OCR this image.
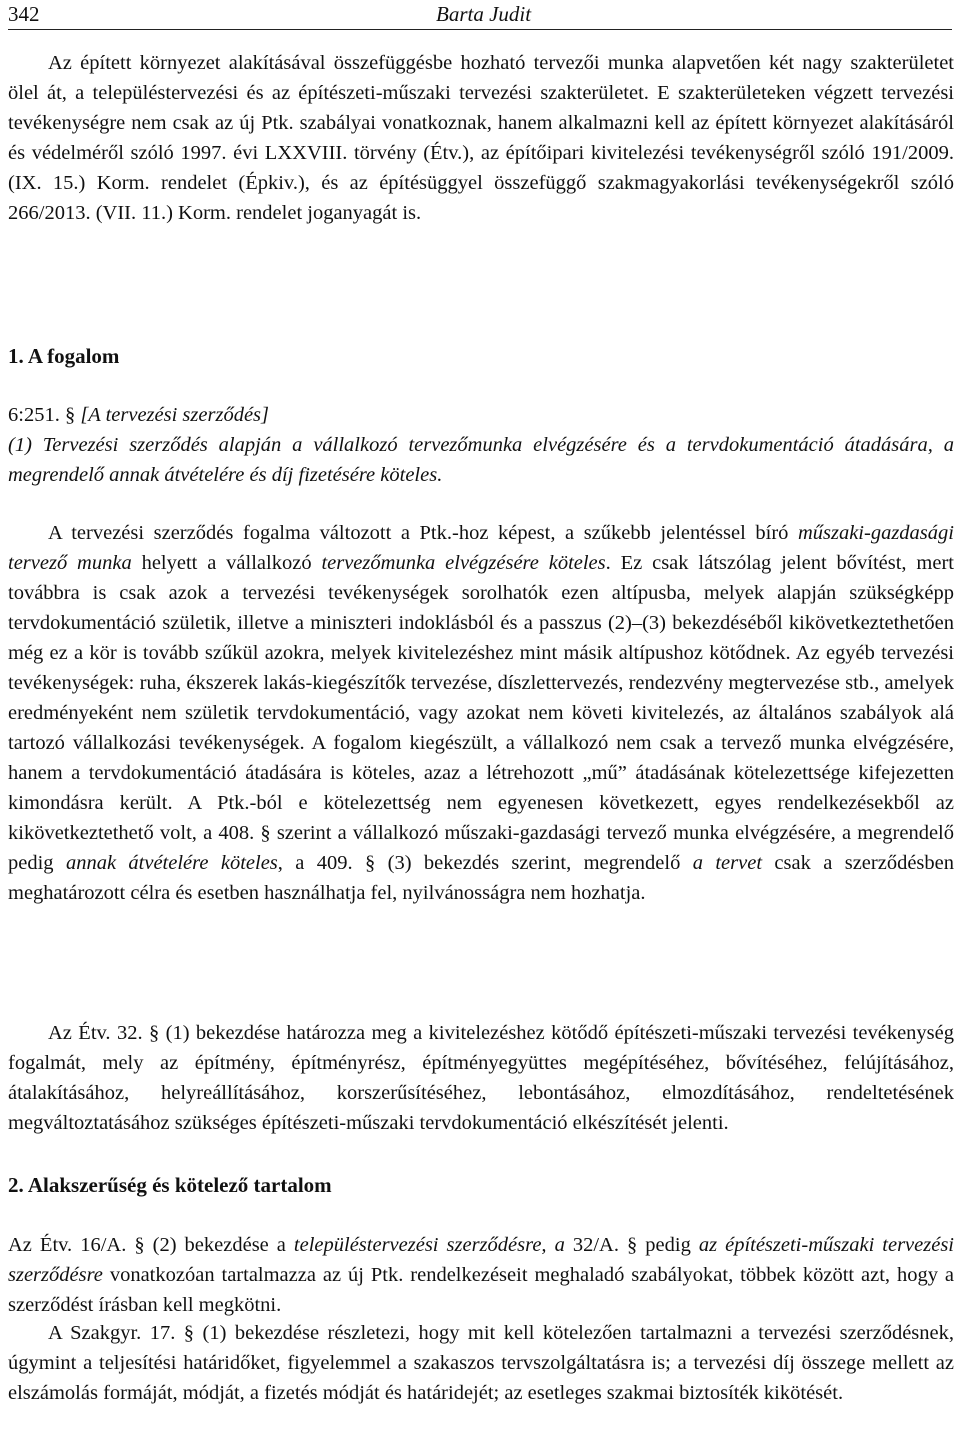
342	Barta Judit

Az épített környezet alakításával összefüggésbe hozható tervezői munka alapvetően két nagy szakterületet ölel át, a településtervezési és az építészeti-műszaki tervezési szakterületet. E szakterületeken végzett tervezési tevékenységre nem csak az új Ptk. szabályai vonatkoznak, hanem alkalmazni kell az épített környezet alakításáról és védelméről szóló 1997. évi LXXVIII. törvény (Étv.), az építőipari kivitelezési tevékenységről szóló 191/2009. (IX. 15.) Korm. rendelet (Épkiv.), és az építésüggyel összefüggő szakmagyakorlási tevékenységekről szóló 266/2013. (VII. 11.) Korm. rendelet joganyagát is.

1. A fogalom

6:251. § [A tervezési szerződés]
(1) Tervezési szerződés alapján a vállalkozó tervezőmunka elvégzésére és a tervdokumentáció átadására, a megrendelő annak átvételére és díj fizetésére köteles.

A tervezési szerződés fogalma változott a Ptk.-hoz képest, a szűkebb jelentéssel bíró műszaki-gazdasági tervező munka helyett a vállalkozó tervezőmunka elvégzésére köteles. Ez csak látszólag jelent bővítést, mert továbbra is csak azok a tervezési tevékenységek sorolhatók ezen altípusba, melyek alapján szükségképp tervdokumentáció születik, illetve a miniszteri indoklásból és a passzus (2)–(3) bekezdéséből kikövetkeztethetően még ez a kör is tovább szűkül azokra, melyek kivitelezéshez mint másik altípushoz kötődnek. Az egyéb tervezési tevékenységek: ruha, ékszerek lakás-kiegészítők tervezése, díszlettervezés, rendezvény megtervezése stb., amelyek eredményeként nem születik tervdokumentáció, vagy azokat nem követi kivitelezés, az általános szabályok alá tartozó vállalkozási tevékenységek. A fogalom kiegészült, a vállalkozó nem csak a tervező munka elvégzésére, hanem a tervdokumentáció átadására is köteles, azaz a létrehozott „mű” átadásának kötelezettsége kifejezetten kimondásra került. A Ptk.-ból e kötelezettség nem egyenesen következett, egyes rendelkezésekből az kikövetkeztethető volt, a 408. § szerint a vállalkozó műszaki-gazdasági tervező munka elvégzésére, a megrendelő pedig annak átvételére köteles, a 409. § (3) bekezdés szerint, megrendelő a tervet csak a szerződésben meghatározott célra és esetben használhatja fel, nyilvánosságra nem hozhatja.

Az Étv. 32. § (1) bekezdése határozza meg a kivitelezéshez kötődő építészeti-műszaki tervezési tevékenység fogalmát, mely az építmény, építményrész, építményegyüttes megépítéséhez, bővítéséhez, felújításához, átalakításához, helyreállításához, korszerűsítéséhez, lebontásához, elmozdításához, rendeltetésének megváltoztatásához szükséges építészeti-műszaki tervdokumentáció elkészítését jelenti.

2. Alakszerűség és kötelező tartalom

Az Étv. 16/A. § (2) bekezdése a településtervezési szerződésre, a 32/A. § pedig az építészeti-műszaki tervezési szerződésre vonatkozóan tartalmazza az új Ptk. rendelkezéseit meghaladó szabályokat, többek között azt, hogy a szerződést írásban kell megkötni.

A Szakgyr. 17. § (1) bekezdése részletezi, hogy mit kell kötelezően tartalmazni a tervezési szerződésnek, úgymint a teljesítési határidőket, figyelemmel a szakaszos tervszolgáltatásra is; a tervezési díj összege mellett az elszámolás formáját, módját, a fizetés módját és határidejét; az esetleges szakmai biztosíték kikötését.
